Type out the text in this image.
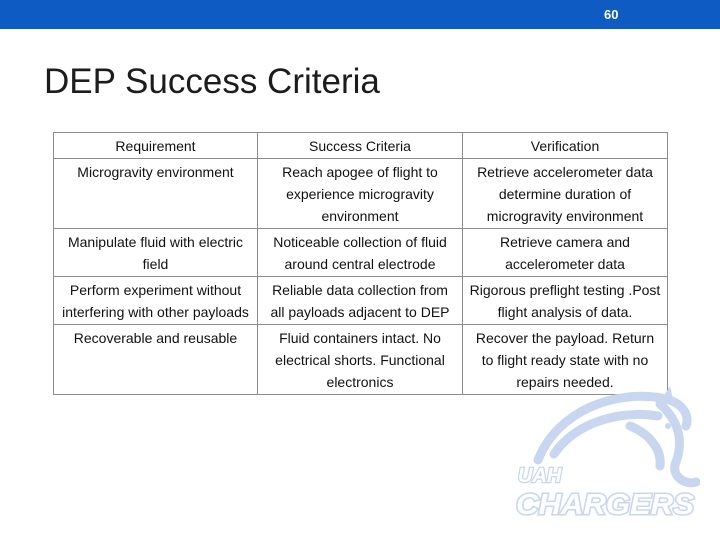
60
DEP Success Criteria
Requirement	Success Criteria	Verification
Microgravity environment	Reach apogee of flight to experience microgravity environment	Retrieve accelerometer data determine duration of microgravity environment
Manipulate fluid with electric field	Noticeable collection of fluid around central electrode	Retrieve camera and accelerometer data
Perform experiment without interfering with other payloads	Reliable data collection from all payloads adjacent to DEP	Rigorous preflight testing .Post flight analysis of data.
Recoverable and reusable	Fluid containers intact. No electrical shorts. Functional electronics	Recover the payload. Return to flight ready state with no repairs needed.
UAH
CHARGERS
